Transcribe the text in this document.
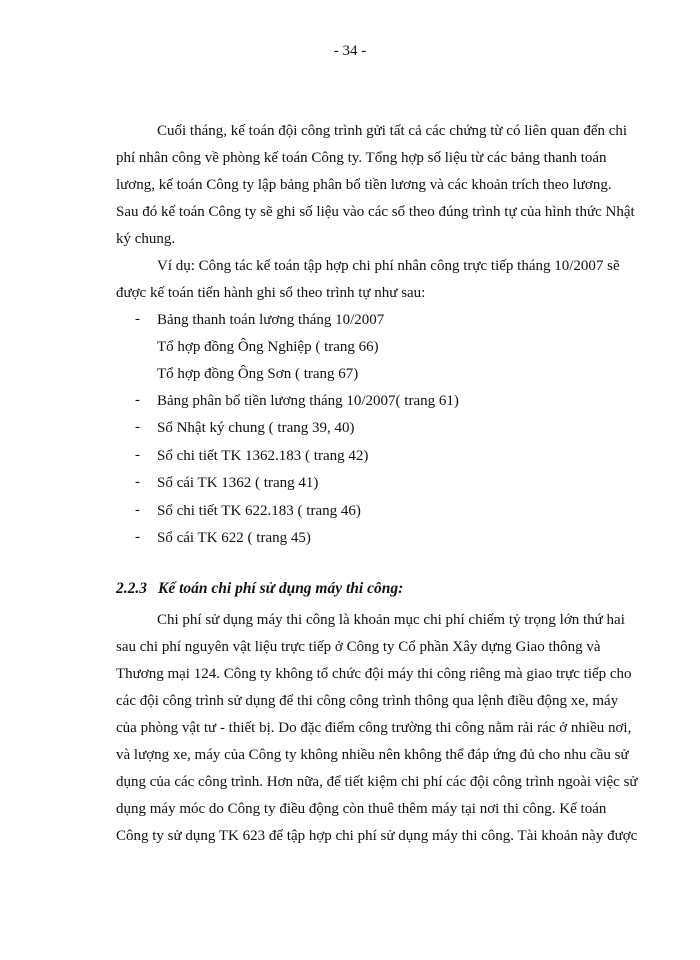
- 34 -
Cuối tháng, kế toán đội công trình gửi tất cả các chứng từ có liên quan đến chi
phí nhân công về phòng kế toán Công ty. Tổng hợp số liệu từ các bảng thanh toán
lương, kế toán Công ty lập bảng phân bổ tiền lương và các khoản trích theo lương.
Sau đó kế toán Công ty sẽ ghi số liệu vào các sổ theo đúng trình tự của hình thức Nhật
ký chung.
Ví dụ: Công tác kế toán tập hợp chi phí nhân công trực tiếp tháng 10/2007 sẽ
được kế toán tiến hành ghi sổ theo trình tự như sau:
- Bảng thanh toán lương tháng 10/2007
Tổ hợp đồng Ông Nghiệp ( trang 66)
Tổ hợp đồng Ông Sơn ( trang 67)
- Bảng phân bổ tiền lương tháng 10/2007( trang 61)
- Sổ Nhật ký chung ( trang 39, 40)
- Sổ chi tiết TK 1362.183 ( trang 42)
- Sổ cái TK 1362 ( trang 41)
- Sổ chi tiết TK 622.183 ( trang 46)
- Sổ cái TK 622 ( trang 45)
2.2.3 Kế toán chi phí sử dụng máy thi công:
Chi phí sử dụng máy thi công là khoản mục chi phí chiếm tỷ trọng lớn thứ hai
sau chi phí nguyên vật liệu trực tiếp ở Công ty Cổ phần Xây dựng Giao thông và
Thương mại 124. Công ty không tổ chức đội máy thi công riêng mà giao trực tiếp cho
các đội công trình sử dụng để thi công công trình thông qua lệnh điều động xe, máy
của phòng vật tư - thiết bị. Do đặc điểm công trường thi công nằm rải rác ở nhiều nơi,
và lượng xe, máy của Công ty không nhiều nên không thể đáp ứng đủ cho nhu cầu sử
dụng của các công trình. Hơn nữa, để tiết kiệm chi phí các đội công trình ngoài việc sử
dụng máy móc do Công ty điều động còn thuê thêm máy tại nơi thi công. Kế toán
Công ty sử dụng TK 623 để tập hợp chi phí sử dụng máy thi công. Tài khoản này được
